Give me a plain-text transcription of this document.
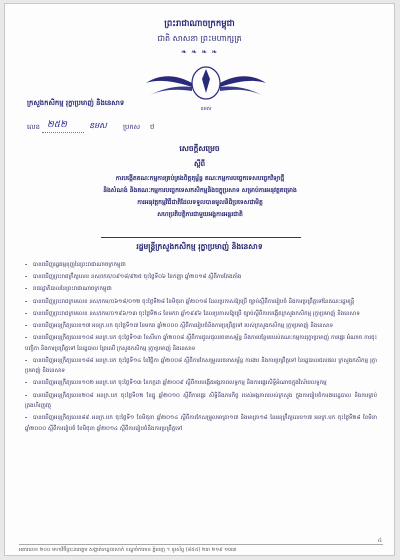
ព្រះរាជាណាចក្រកម្ពុជា
ជាតិ សាសនា ព្រះមហាក្សត្រ
❧ ❧ ❧ ❧
ឧ​ម​ស
ក្រសួងកសិកម្ម រុក្ខាប្រមាញ់ និងនេសាទ
លេខ ២៥២	ឧមស ប្រកស ឋ
សេចក្តីសម្រេច
ស្តីពី
ការបង្កើតគណៈកម្មការគ្រប់គ្រងចិត្តតុម្ព័ន្ធ គណៈកម្មការបច្ចេកទេសបច្ចេកវិទ្យាថ្មី
និងសំណង់ និងគណៈកម្មការបច្ចេកទេសកសិកម្មនិងចក្ខុប្រសាទ សម្រាប់ការអនុវត្តគម្រោង
ការអនុវត្តកម្មវិធីជាតិដែលទទួលបានមូលនិធិប្រទេសជាមិត្ត
សហប្រតិបត្តិការជាមួយអង្គការអន្តរជាតិ
រដ្ឋមន្ត្រីក្រសួងកសិកម្ម រុក្ខាប្រមាញ់ និងនេសាទ
- បានឃើញរដ្ឋធម្មនុញ្ញនៃព្រះរាជាណាចក្រកម្ពុជា
- បានឃើញព្រះរាជក្រឹត្យលេខ នស/រកត/០៩១៨/៩២៥ ចុះថ្ងៃទី០៦ ខែកញ្ញា ឆ្នាំ២០១៨ ស្តីពីការតែងតាំង
- រាជរដ្ឋាភិបាលនៃព្រះរាជាណាចក្រកម្ពុជា
- បានឃើញព្រះរាជក្រមលេខ នស/រកម/០៦១៨/០១២ ចុះថ្ងៃទី២៨ ខែមិថុនា ឆ្នាំ២០១៨ ដែលប្រកាសឱ្យប្រើ ច្បាប់ស្តីពីការរៀបចំ និងការប្រព្រឹត្តទៅនៃគណៈរដ្ឋមន្ត្រី
- បានឃើញព្រះរាជក្រមលេខ នស/រកម/០១៩៦/១៣ ចុះថ្ងៃទី២៤ ខែមករា ឆ្នាំ១៩៩៦ ដែលប្រកាសឱ្យប្រើ ច្បាប់ស្តីពីការបង្កើតក្រសួងកសិកម្ម រុក្ខាប្រមាញ់ និងនេសាទ
- បានឃើញអនុក្រឹត្យលេខ១៧ អនក្រ.បក ចុះថ្ងៃទី១៧ ខែមករា ឆ្នាំ២០០០ ស្តីពីការរៀបចំនិងការប្រព្រឹត្តទៅ របស់ក្រសួងកសិកម្ម រុក្ខាប្រមាញ់ និងនេសាទ
- បានឃើញអនុក្រឹត្យលេខ១០៨ អនក្រ.បក ចុះថ្ងៃទី១៣ ខែសីហា ឆ្នាំ២០០៨ ស្តីពីការជួលជុលរចនាសម្ព័ន្ធ និងការបន្ថែមរបស់គណៈកម្មការរុក្ខាប្រមាញ់ ការផ្ទេរ អំណាច ការចុះបញ្ជិកា និងការប្រព្រឹត្តទៅ នៃរដ្ឋបាល ព្រៃឈើ ក្រសួងកសិកម្ម រុក្ខាប្រមាញ់ និងនេសាទ
- បានឃើញអនុក្រឹត្យលេខ១៨៨ អនក្រ.បក ចុះថ្ងៃទី១៤ ខែវិច្ឆិកា ឆ្នាំ២០០៨ ស្តីពីការកែសម្រួលរចនាសម្ព័ន្ធ ការងារ និងការប្រព្រឹត្តទៅ នៃរដ្ឋបាលជលផល ក្រសួងកសិកម្ម រុក្ខាប្រមាញ់ និងនេសាទ
- បានឃើញអនុក្រឹត្យលេខ១០២ អនក្រ.បក ចុះថ្ងៃទី១៣ ខែកក្កដា ឆ្នាំ២០០៩ ស្តីពីការបង្កើតអង្គភាពលទ្ធកម្ម និងការផ្ទេរសិទ្ធិអំណាចក្នុងវិស័យលទ្ធកម្ម
- បានឃើញអនុក្រឹត្យលេខ២០៨ អនក្រ.បក ចុះថ្ងៃទី០២ ខែធ្នូ ឆ្នាំ២០១០ ស្តីពីការផ្ទេរ សិទ្ធិនិងភារកិច្ច របស់អង្គភាពរបស់ក្រសួង ក្នុងការរៀបចំការងាររដ្ឋបាល និងការគ្រប់គ្រងហិរញ្ញវត្ថុ
- បានឃើញអនុក្រឹត្យលេខ៨៩ អនក្រ.បក ចុះថ្ងៃទី១ ខែមិថុនា ឆ្នាំ២០១៤ ស្តីពីការកែសម្រួលមាត្រា១៧ និងមាត្រា១៨ នៃអនុក្រឹត្យលេខ១៧ អនក្រ.បក ចុះថ្ងៃទី២៨ ខែមិនា ឆ្នាំ២០០០ ស្តីពីការរៀបចំ ខែមិថុនា ឆ្នាំ២០១៤ ស្តីពីការរៀបចំនិងការប្រព្រឹត្តទៅ
៤
អគារលេខ ២០០ មហាវិថីព្រះនរោត្តម សង្កាត់ទន្លេបាសាក់ ខណ្ឌចំការមន ភ្នំពេញ ។ ទូរស័ព្ទ (៨៥៥) ២៣ ២១៩ ១៣៣
